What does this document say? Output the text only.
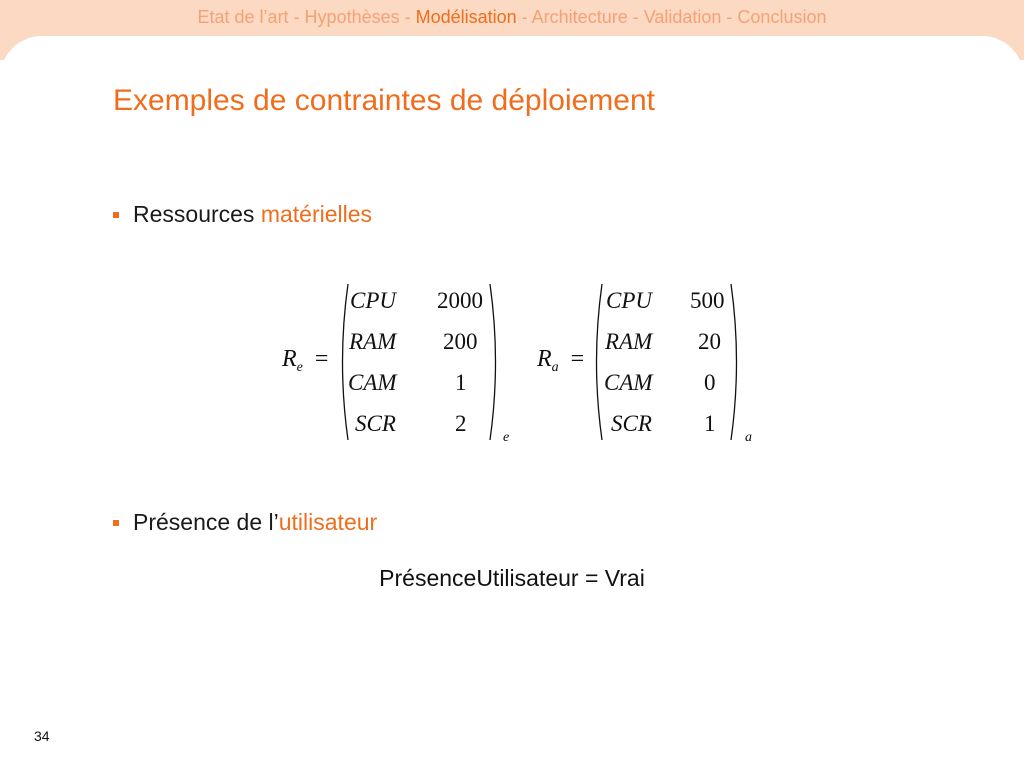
Etat de l’art - Hypothèses - Modélisation - Architecture - Validation - Conclusion
Exemples de contraintes de déploiement
Ressources matérielles
$R_e$ =
CPU 2000
RAM 200
CAM	1
SCR	2
e
$R_a$ =
CPU 500
RAM 20
CAM 0
SCR 1
a
Présence de l’utilisateur
PrésenceUtilisateur = Vrai
34
